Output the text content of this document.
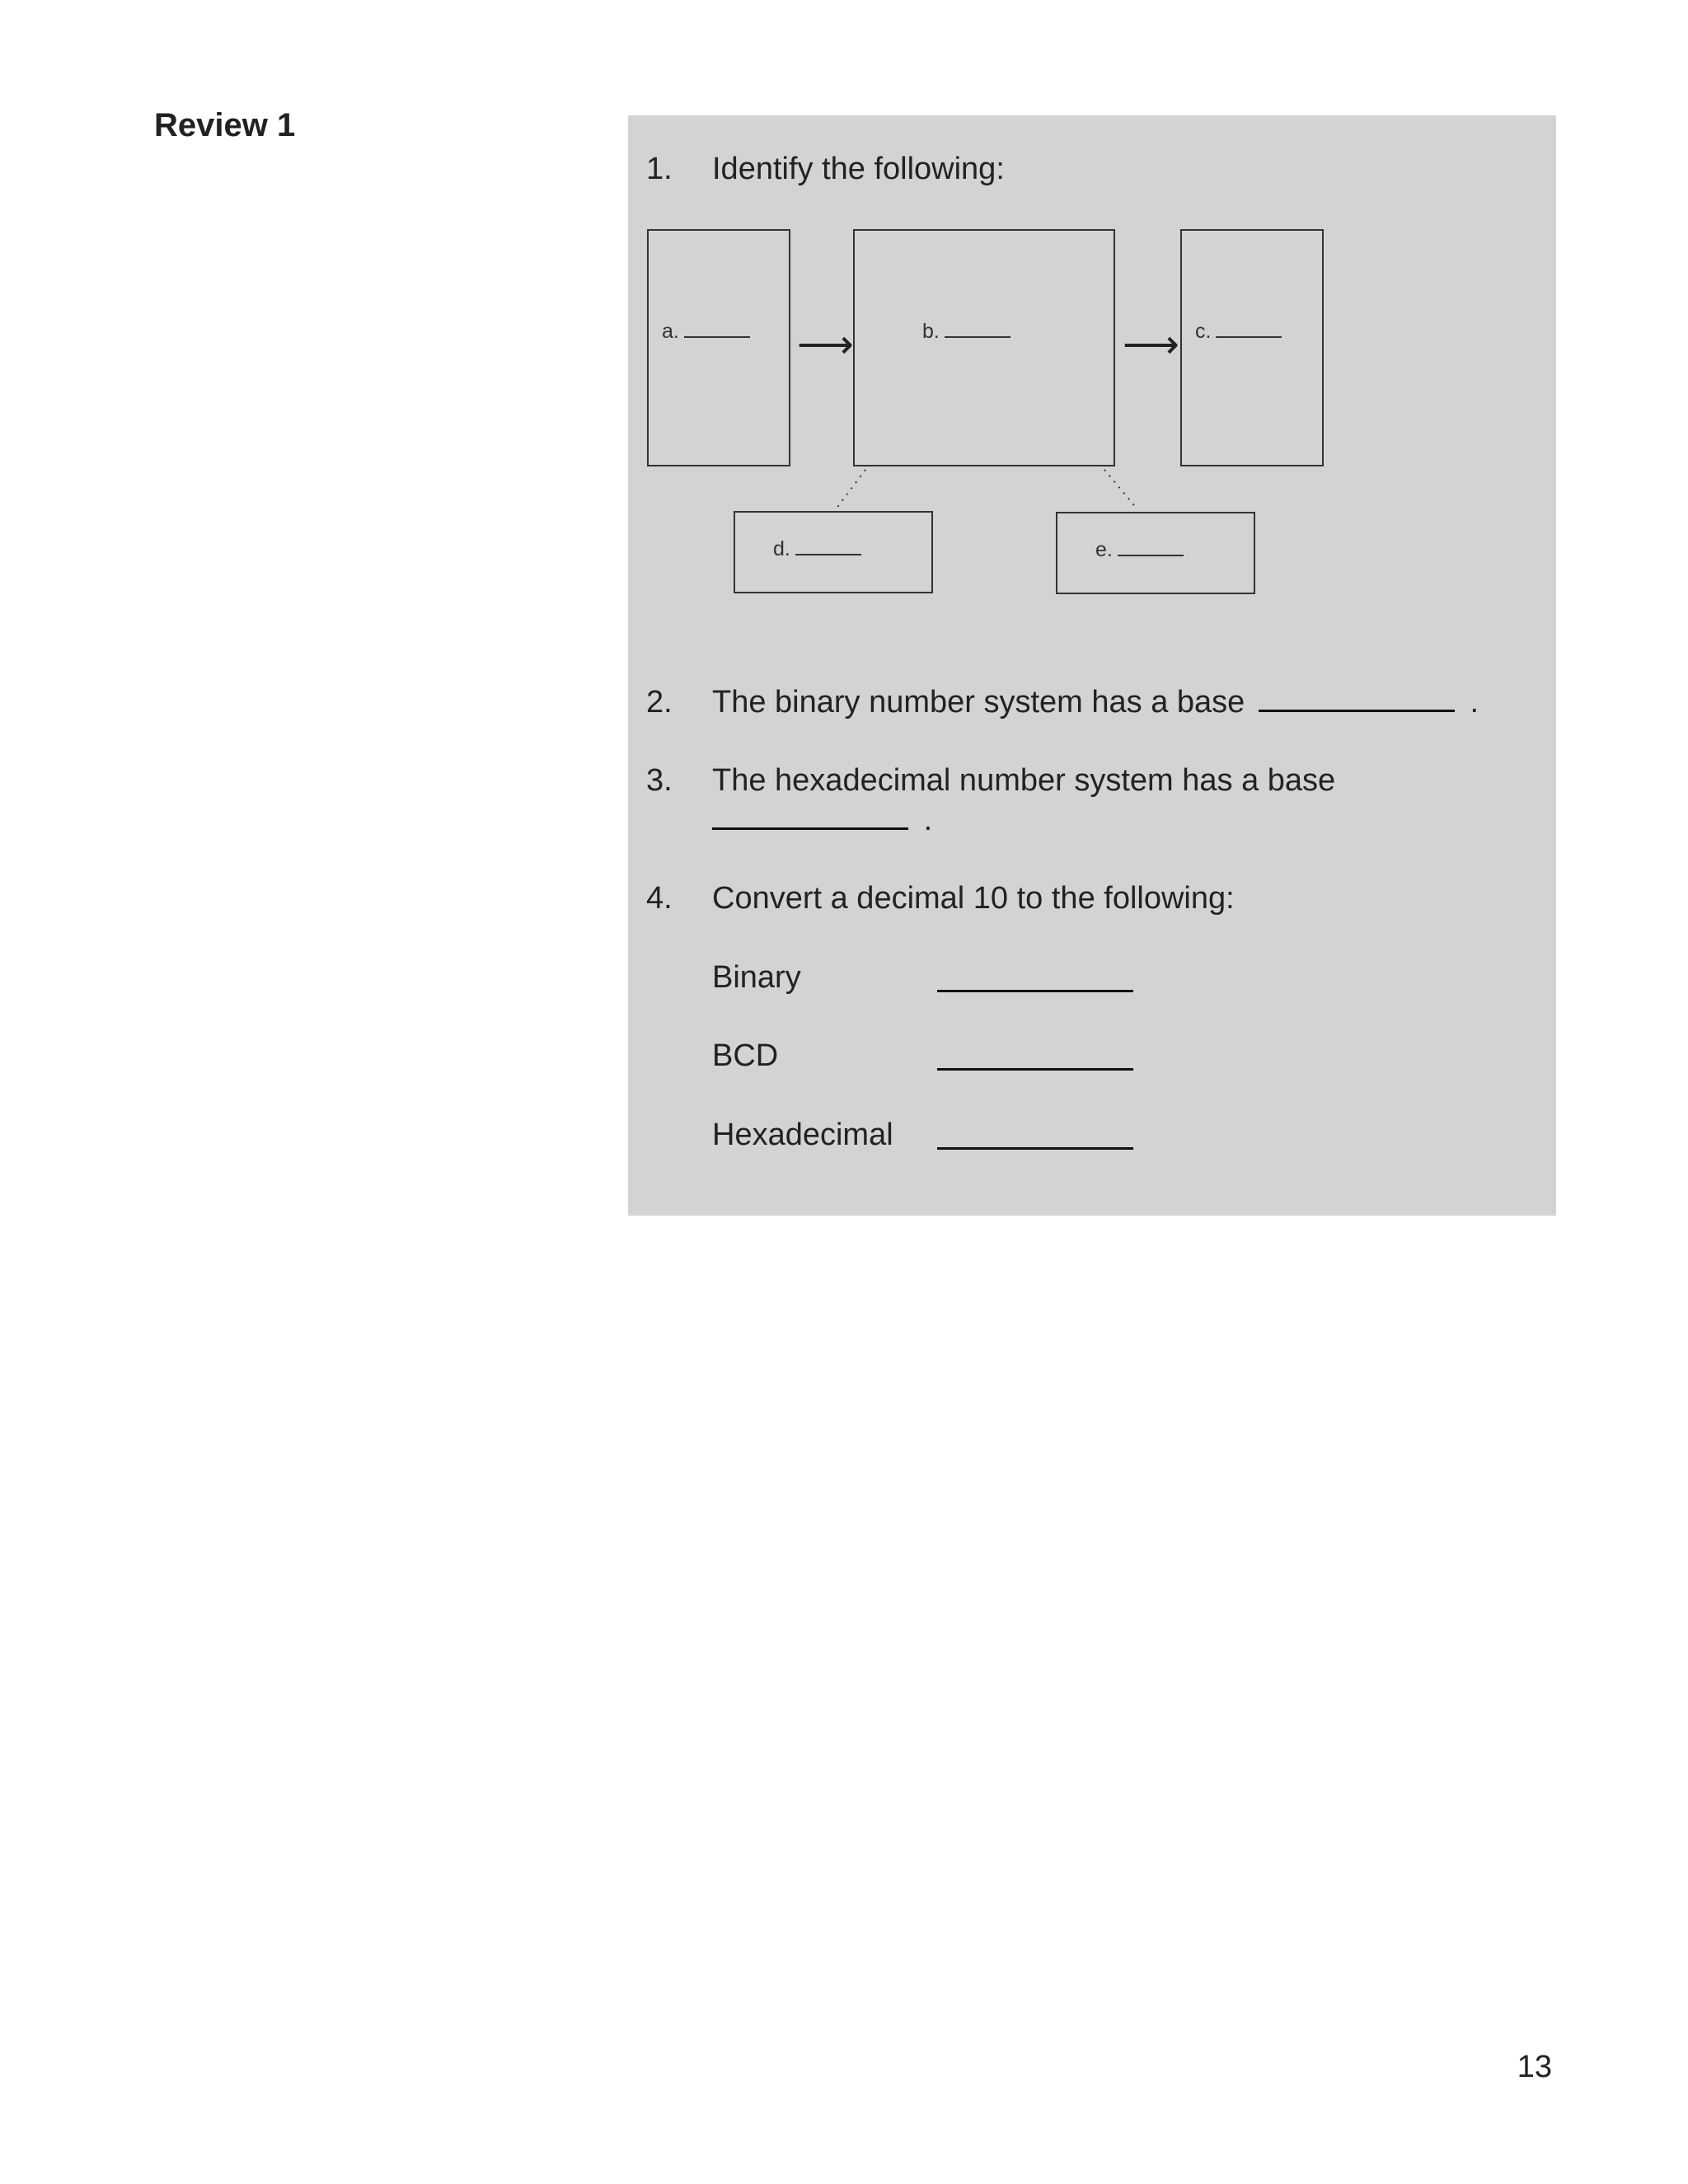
Review 1
1. Identify the following:
a.	⟶	b.	⟶ c.
d.	e.
2. The binary number system has a base	.
3. The hexadecimal number system has a base
.
4. Convert a decimal 10 to the following:
Binary
BCD
Hexadecimal
13
